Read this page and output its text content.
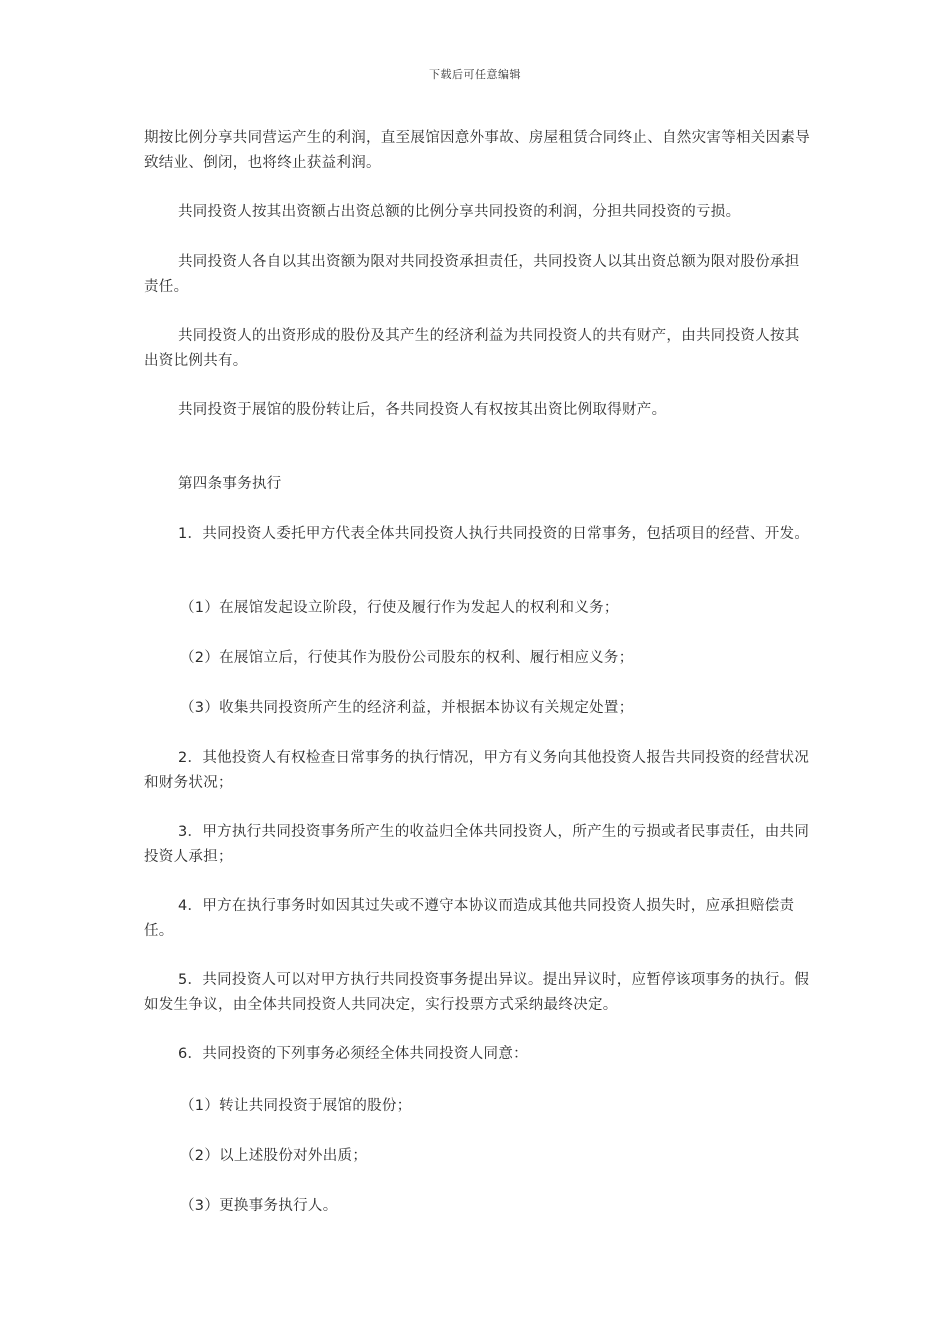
下载后可任意编辑

期按比例分享共同营运产生的利润，直至展馆因意外事故、房屋租赁合同终止、自然灾害等相关因素导致结业、倒闭，也将终止获益利润。

共同投资人按其出资额占出资总额的比例分享共同投资的利润，分担共同投资的亏损。

共同投资人各自以其出资额为限对共同投资承担责任，共同投资人以其出资总额为限对股份承担责任。

共同投资人的出资形成的股份及其产生的经济利益为共同投资人的共有财产，由共同投资人按其出资比例共有。

共同投资于展馆的股份转让后，各共同投资人有权按其出资比例取得财产。

第四条事务执行

1．共同投资人委托甲方代表全体共同投资人执行共同投资的日常事务，包括项目的经营、开发。

（1）在展馆发起设立阶段，行使及履行作为发起人的权利和义务；

（2）在展馆立后，行使其作为股份公司股东的权利、履行相应义务；

（3）收集共同投资所产生的经济利益，并根据本协议有关规定处置；

2．其他投资人有权检查日常事务的执行情况，甲方有义务向其他投资人报告共同投资的经营状况和财务状况；

3．甲方执行共同投资事务所产生的收益归全体共同投资人，所产生的亏损或者民事责任，由共同投资人承担；

4．甲方在执行事务时如因其过失或不遵守本协议而造成其他共同投资人损失时，应承担赔偿责任。

5．共同投资人可以对甲方执行共同投资事务提出异议。提出异议时，应暂停该项事务的执行。假如发生争议，由全体共同投资人共同决定，实行投票方式采纳最终决定。

6．共同投资的下列事务必须经全体共同投资人同意：

（1）转让共同投资于展馆的股份；

（2）以上述股份对外出质；

（3）更换事务执行人。
